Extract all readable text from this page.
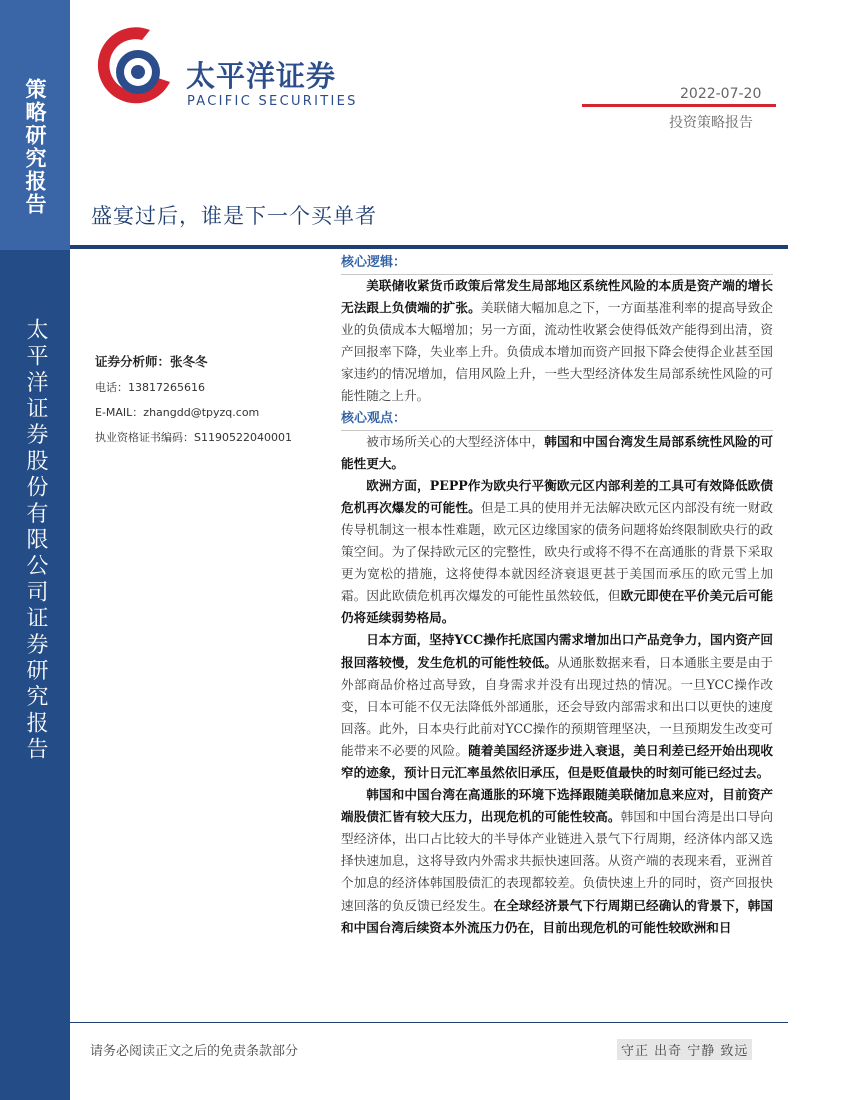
策略研究报告
太平洋证券股份有限公司证券研究报告
太平洋证券
PACIFIC SECURITIES	2022-07-20
投资策略报告
盛宴过后，谁是下一个买单者
证券分析师：张冬冬
电话：13817265616
E-MAIL：zhangdd@tpyzq.com
执业资格证书编码：S1190522040001
核心逻辑：

美联储收紧货币政策后常发生局部地区系统性风险的本质是资产端的增长无法跟上负债端的扩张。美联储大幅加息之下，一方面基准利率的提高导致企业的负债成本大幅增加；另一方面，流动性收紧会使得低效产能得到出清，资产回报率下降，失业率上升。负债成本增加而资产回报下降会使得企业甚至国家违约的情况增加，信用风险上升，一些大型经济体发生局部系统性风险的可能性随之上升。

核心观点：

被市场所关心的大型经济体中，韩国和中国台湾发生局部系统性风险的可能性更大。

欧洲方面，PEPP作为欧央行平衡欧元区内部利差的工具可有效降低欧债危机再次爆发的可能性。但是工具的使用并无法解决欧元区内部没有统一财政传导机制这一根本性难题，欧元区边缘国家的债务问题将始终限制欧央行的政策空间。为了保持欧元区的完整性，欧央行或将不得不在高通胀的背景下采取更为宽松的措施，这将使得本就因经济衰退更甚于美国而承压的欧元雪上加霜。因此欧债危机再次爆发的可能性虽然较低，但欧元即使在平价美元后可能仍将延续弱势格局。

日本方面，坚持YCC操作托底国内需求增加出口产品竞争力，国内资产回报回落较慢，发生危机的可能性较低。从通胀数据来看，日本通胀主要是由于外部商品价格过高导致，自身需求并没有出现过热的情况。一旦YCC操作改变，日本可能不仅无法降低外部通胀，还会导致内部需求和出口以更快的速度回落。此外，日本央行此前对YCC操作的预期管理坚决，一旦预期发生改变可能带来不必要的风险。随着美国经济逐步进入衰退，美日利差已经开始出现收窄的迹象，预计日元汇率虽然依旧承压，但是贬值最快的时刻可能已经过去。

韩国和中国台湾在高通胀的环境下选择跟随美联储加息来应对，目前资产端股债汇皆有较大压力，出现危机的可能性较高。韩国和中国台湾是出口导向型经济体，出口占比较大的半导体产业链进入景气下行周期，经济体内部又选择快速加息，这将导致内外需求共振快速回落。从资产端的表现来看，亚洲首个加息的经济体韩国股债汇的表现都较差。负债快速上升的同时，资产回报快速回落的负反馈已经发生。在全球经济景气下行周期已经确认的背景下，韩国和中国台湾后续资本外流压力仍在，目前出现危机的可能性较欧洲和日

请务必阅读正文之后的免责条款部分	守正 出奇 宁静 致远
